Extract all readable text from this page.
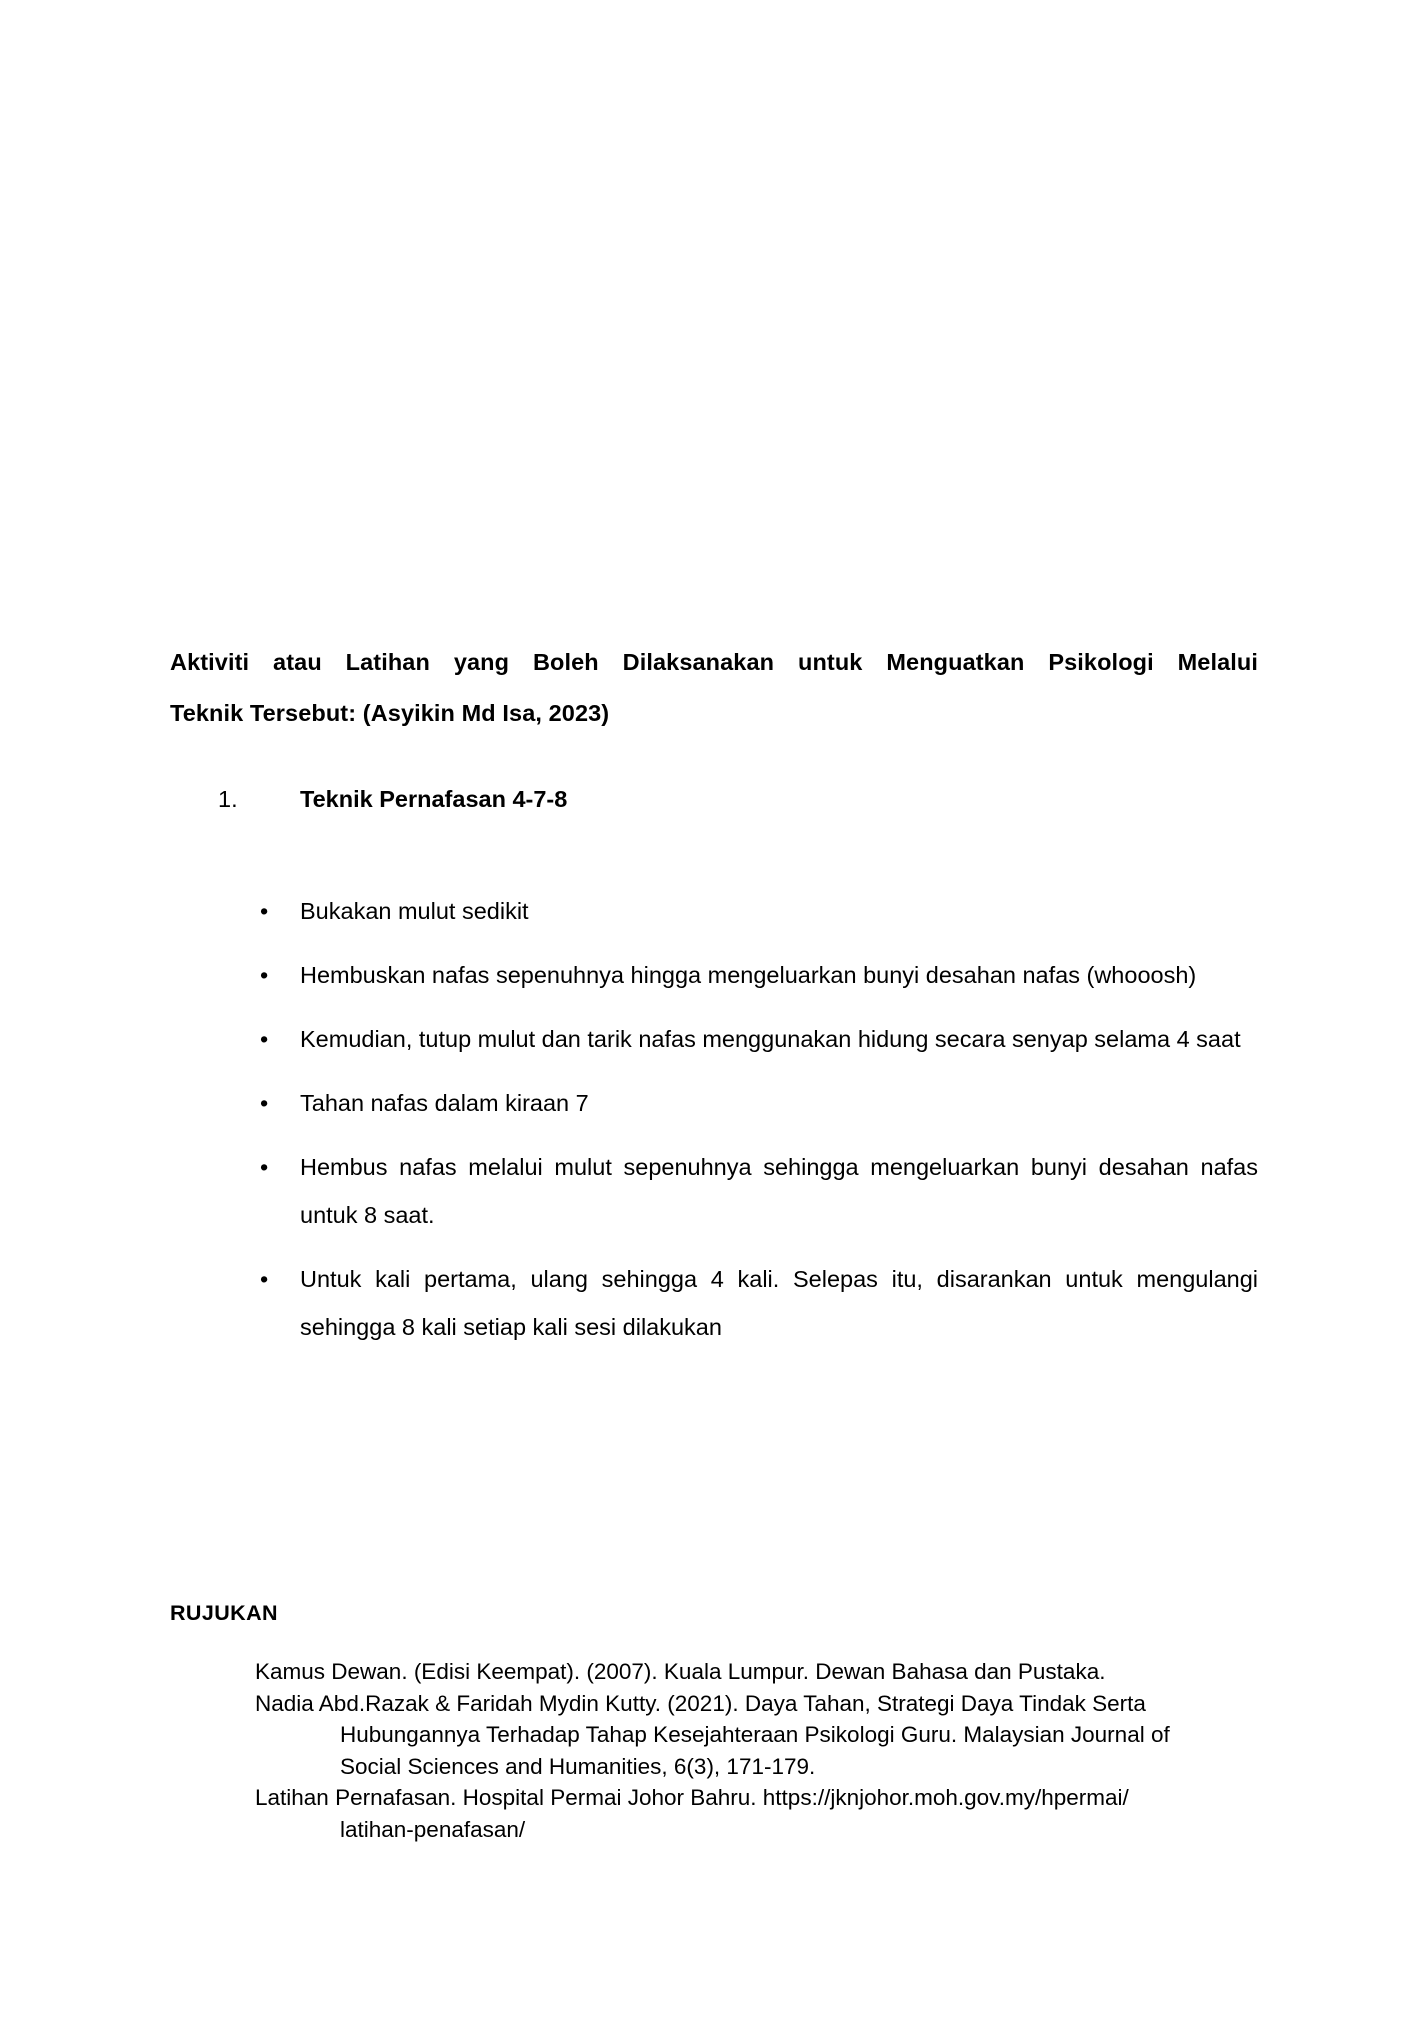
Aktiviti atau Latihan yang Boleh Dilaksanakan untuk Menguatkan Psikologi Melalui
Teknik Tersebut: (Asyikin Md Isa, 2023)
1.	Teknik Pernafasan 4-7-8
•	Bukakan mulut sedikit
•	Hembuskan nafas sepenuhnya hingga mengeluarkan bunyi desahan nafas (whooosh)
•	Kemudian, tutup mulut dan tarik nafas menggunakan hidung secara senyap selama 4 saat
•	Tahan nafas dalam kiraan 7
•	Hembus nafas melalui mulut sepenuhnya sehingga mengeluarkan bunyi desahan nafas untuk 8 saat.
•	Untuk kali pertama, ulang sehingga 4 kali. Selepas itu, disarankan untuk mengulangi sehingga 8 kali setiap kali sesi dilakukan
RUJUKAN
Kamus Dewan. (Edisi Keempat). (2007). Kuala Lumpur. Dewan Bahasa dan Pustaka.
Nadia Abd.Razak & Faridah Mydin Kutty. (2021). Daya Tahan, Strategi Daya Tindak Serta
Hubungannya Terhadap Tahap Kesejahteraan Psikologi Guru. Malaysian Journal of
Social Sciences and Humanities, 6(3), 171-179.
Latihan Pernafasan. Hospital Permai Johor Bahru. https://jknjohor.moh.gov.my/hpermai/
latihan-penafasan/
